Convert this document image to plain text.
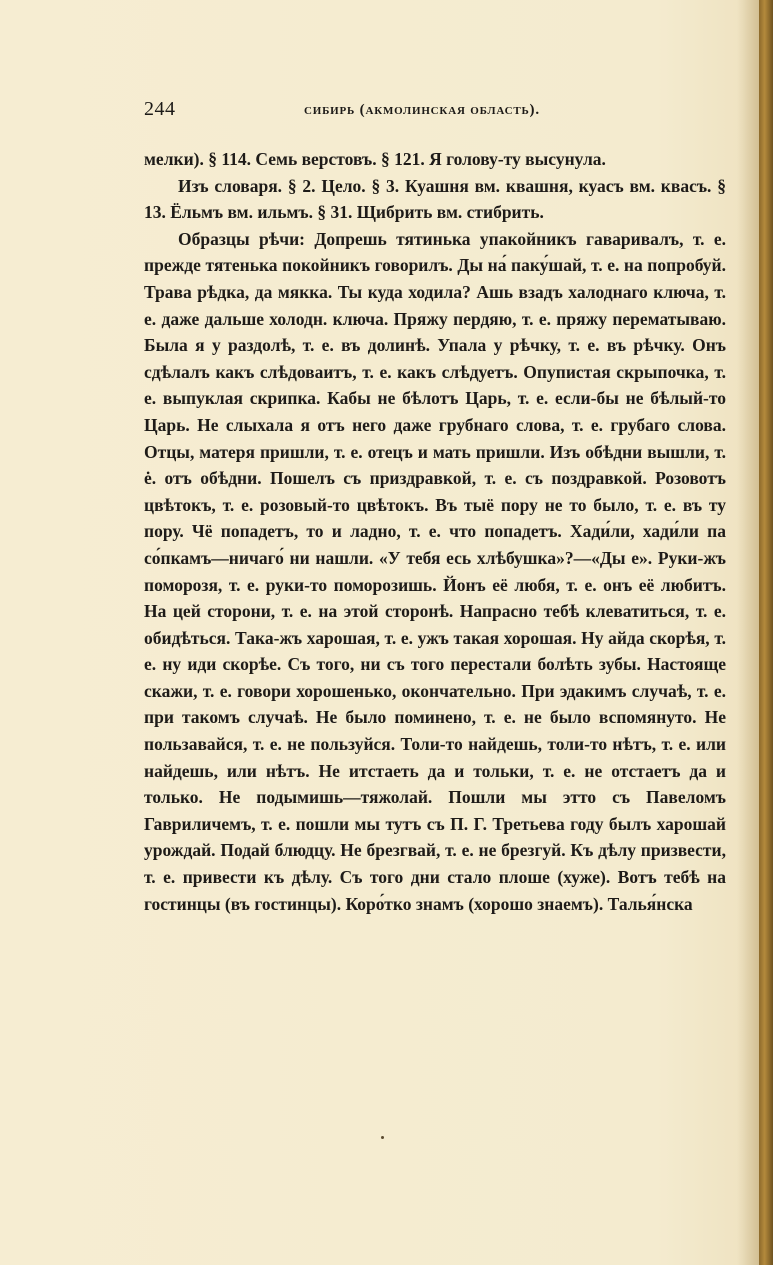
244	сибирь (акмолинская область).

мелки). § 114. Семь верстовъ. § 121. Я голову-ту высунула.

Изъ словаря. § 2. Цело. § 3. Куашня вм. квашня, куасъ вм. квасъ. § 13. Ёльмъ вм. ильмъ. § 31. Щибрить вм. стибрить.

Образцы рѣчи: Допрешь тятинька упакойникъ гаваривалъ, т. е. прежде тятенька покойникъ говорилъ. Ды на́ паку́шай, т. е. на попробуй. Трава рѣдка, да мякка. Ты куда ходила? Ашь взадъ халоднаго ключа, т. е. даже дальше холодн. ключа. Пряжу перд​яю, т. е. пряжу перематываю. Была я у раздолѣ, т. е. въ долинѣ. Упала у рѣчку, т. е. въ рѣчку. Онъ сдѣлалъ какъ слѣдоваитъ, т. е. какъ слѣдуетъ. Опупистая скрыпочка, т. е. выпуклая скрипка. Кабы не бѣлотъ Царь, т. е. если-бы не бѣлый-то Царь. Не слыхала я отъ него даже грубнаго слова, т. е. грубаго слова. Отцы, матеря пришли, т. е. отецъ и мать пришли. Изъ обѣдни вышли, т. ė. отъ обѣдни. Пошелъ съ призд​равкой, т. е. съ поздравкой. Розовотъ цвѣтокъ, т. е. розовый-то цвѣтокъ. Въ тыё пору не то было, т. е. въ ту пору. Чё попадетъ, то и ладно, т. е. что попадетъ. Хади́ли, хади́ли па со́пкамъ—ничаго́ ни нашли. «У тебя есь хлѣбушка»?—«Ды е». Руки-жъ поморозя, т. е. руки-то поморозишь. Йонъ её любя, т. е. онъ её любитъ. На цей сторони, т. е. на этой сторонѣ. Напрасно тебѣ клеватиться, т. е. обидѣться. Така-жъ харошая, т. е. ужъ такая хорошая. Ну айда скорѣя, т. е. ну иди скорѣе. Съ того, ни съ того перестали болѣть зубы. Настояще скажи, т. е. говори хорошенько, окончательно. При эдакимъ случаѣ, т. е. при такомъ случаѣ. Не было поминено, т. е. не было вспомянуто. Не пользавайся, т. е. не пользуйся. Толи-то найдешь, толи-то нѣтъ, т. е. или найдешь, или нѣтъ. Не итстаеть да и тольки, т. е. не отстаетъ да и только. Не подымишь—тяжолай. Пошли мы этто съ Павеломъ Гавриличемъ, т. е. пошли мы тутъ съ П. Г. Третьева году былъ харошай урождай. Подай блюдцу. Не брезгвай, т. е. не брезгуй. Къ дѣлу призвести, т. е. привести къ дѣлу. Съ того дни стало плоше (хуже). Вотъ тебѣ на гостинцы (въ гостинцы). Коро́тко знамъ (хорошо знаемъ). Талья́нска
